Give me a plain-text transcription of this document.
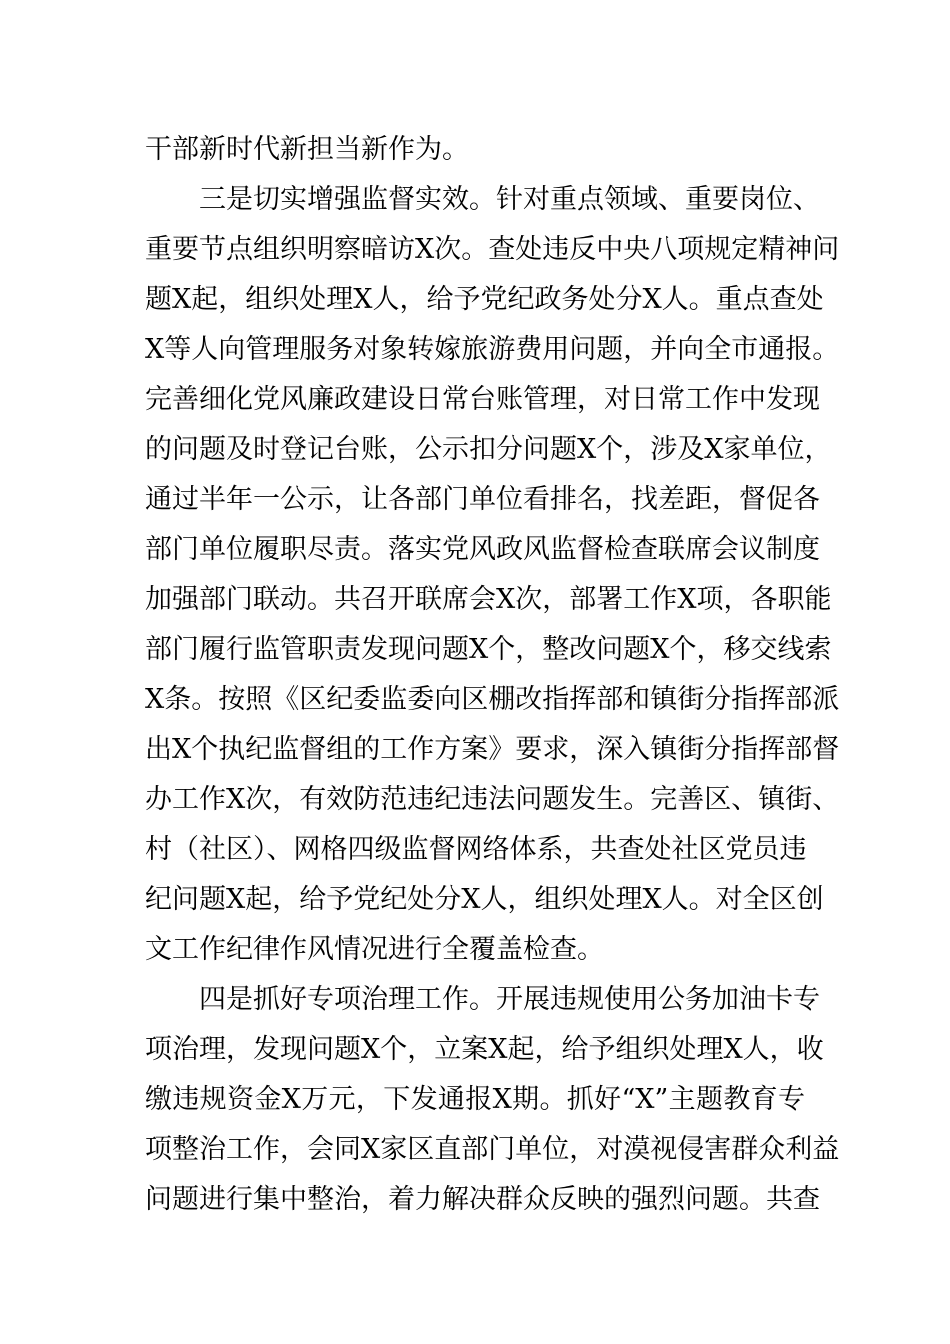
干部新时代新担当新作为。
三是切实增强监督实效。针对重点领域、重要岗位、
重要节点组织明察暗访X次。查处违反中央八项规定精神问
题X起，组织处理X人，给予党纪政务处分X人。重点查处
X等人向管理服务对象转嫁旅游费用问题，并向全市通报。
完善细化党风廉政建设日常台账管理，对日常工作中发现
的问题及时登记台账，公示扣分问题X个，涉及X家单位，
通过半年一公示，让各部门单位看排名，找差距，督促各
部门单位履职尽责。落实党风政风监督检查联席会议制度
加强部门联动。共召开联席会X次，部署工作X项，各职能
部门履行监管职责发现问题X个，整改问题X个，移交线索
X条。按照《区纪委监委向区棚改指挥部和镇街分指挥部派
出X个执纪监督组的工作方案》要求，深入镇街分指挥部督
办工作X次，有效防范违纪违法问题发生。完善区、镇街、
村（社区）、网格四级监督网络体系，共查处社区党员违
纪问题X起，给予党纪处分X人，组织处理X人。对全区创
文工作纪律作风情况进行全覆盖检查。
四是抓好专项治理工作。开展违规使用公务加油卡专
项治理，发现问题X个，立案X起，给予组织处理X人，收
缴违规资金X万元，下发通报X期。抓好“X”主题教育专
项整治工作，会同X家区直部门单位，对漠视侵害群众利益
问题进行集中整治，着力解决群众反映的强烈问题。共查
